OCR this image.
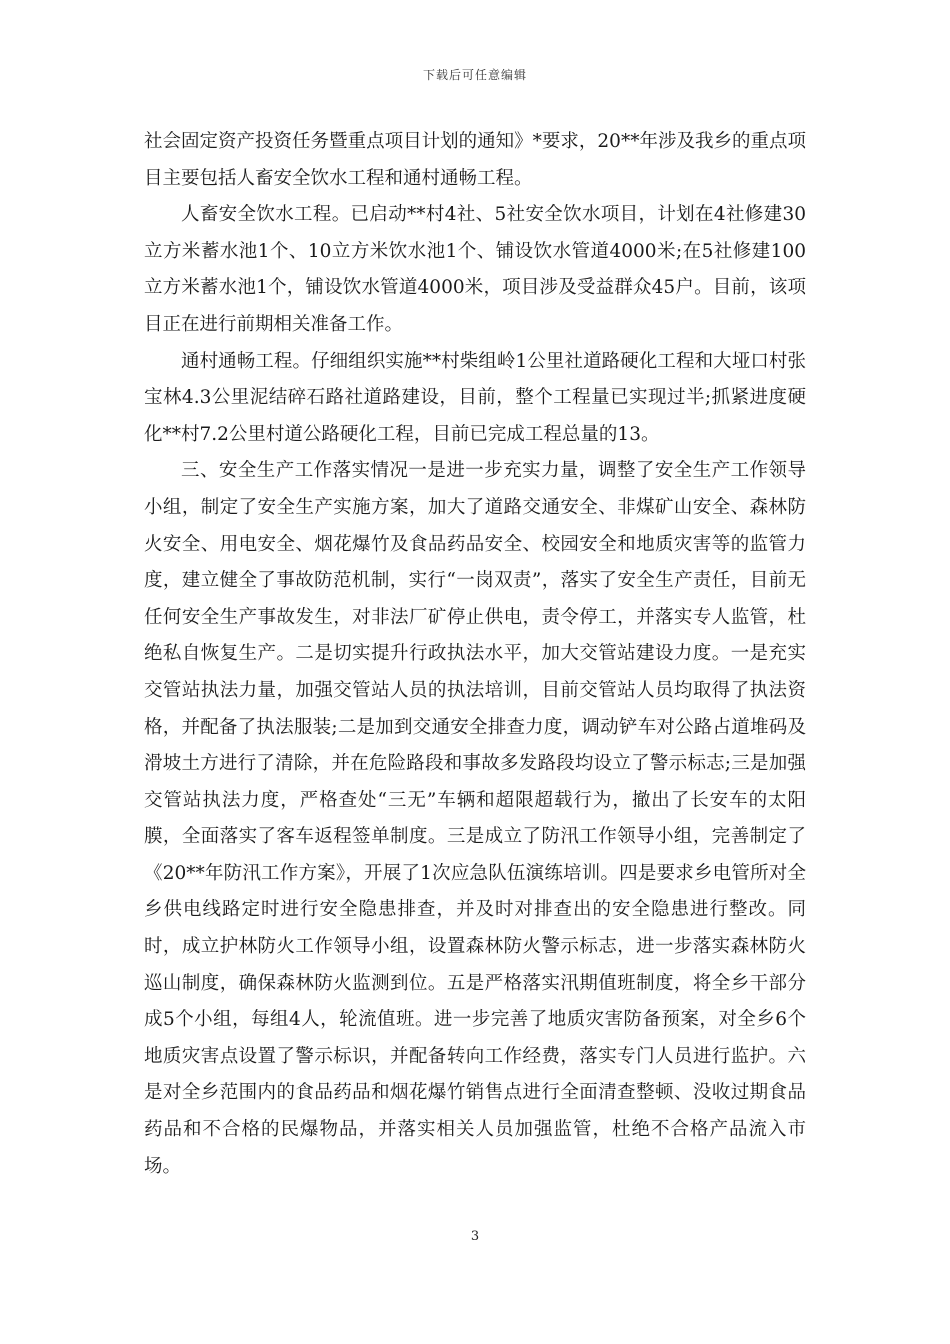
下载后可任意编辑

社会固定资产投资任务暨重点项目计划的通知》*要求，20**年涉及我乡的重点项目主要包括人畜安全饮水工程和通村通畅工程。

人畜安全饮水工程。已启动**村4社、5社安全饮水项目，计划在4社修建30立方米蓄水池1个、10立方米饮水池1个、铺设饮水管道4000米;在5社修建100立方米蓄水池1个，铺设饮水管道4000米，项目涉及受益群众45户。目前，该项目正在进行前期相关准备工作。

通村通畅工程。仔细组织实施**村柴组岭1公里社道路硬化工程和大垭口村张宝林4.3公里泥结碎石路社道路建设，目前，整个工程量已实现过半;抓紧进度硬化**村7.2公里村道公路硬化工程，目前已完成工程总量的13。

三、安全生产工作落实情况一是进一步充实力量，调整了安全生产工作领导小组，制定了安全生产实施方案，加大了道路交通安全、非煤矿山安全、森林防火安全、用电安全、烟花爆竹及食品药品安全、校园安全和地质灾害等的监管力度，建立健全了事故防范机制，实行“一岗双责”，落实了安全生产责任，目前无任何安全生产事故发生，对非法厂矿停止供电，责令停工，并落实专人监管，杜绝私自恢复生产。二是切实提升行政执法水平，加大交管站建设力度。一是充实交管站执法力量，加强交管站人员的执法培训，目前交管站人员均取得了执法资格，并配备了执法服装;二是加到交通安全排查力度，调动铲车对公路占道堆码及滑坡土方进行了清除，并在危险路段和事故多发路段均设立了警示标志;三是加强交管站执法力度，严格查处“三无”车辆和超限超载行为，撤出了长安车的太阳膜，全面落实了客车返程签单制度。三是成立了防汛工作领导小组，完善制定了《20**年防汛工作方案》，开展了1次应急队伍演练培训。四是要求乡电管所对全乡供电线路定时进行安全隐患排查，并及时对排查出的安全隐患进行整改。同时，成立护林防火工作领导小组，设置森林防火警示标志，进一步落实森林防火巡山制度，确保森林防火监测到位。五是严格落实汛期值班制度，将全乡干部分成5个小组，每组4人，轮流值班。进一步完善了地质灾害防备预案，对全乡6个地质灾害点设置了警示标识，并配备转向工作经费，落实专门人员进行监护。六是对全乡范围内的食品药品和烟花爆竹销售点进行全面清查整顿、没收过期食品药品和不合格的民爆物品，并落实相关人员加强监管，杜绝不合格产品流入市场。

3
